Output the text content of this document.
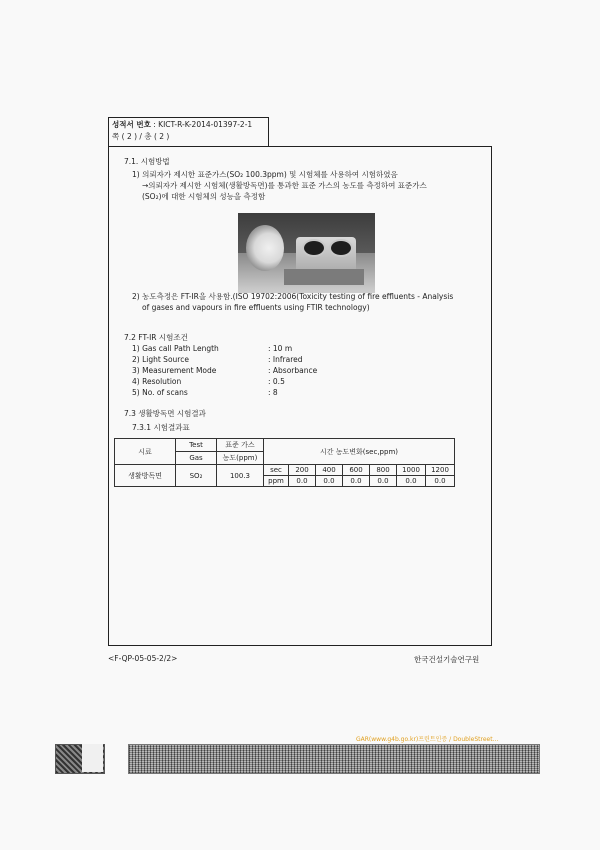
성적서 번호 : KICT-R-K-2014-01397-2-1
쪽 ( 2 ) / 총 ( 2 )
7.1. 시험방법
1) 의뢰자가 제시한 표준가스(SO₂ 100.3ppm) 및 시험체를 사용하여 시험하였음
→의뢰자가 제시한 시험체(생활방독면)를 통과한 표준 가스의 농도를 측정하여 표준가스
(SO₂)에 대한 시험체의 성능을 측정함
2) 농도측정은 FT-IR을 사용함.(ISO 19702:2006(Toxicity testing of fire effluents - Analysis
of gases and vapours in fire effluents using FTIR technology)
7.2 FT-IR 시험조건
1) Gas call Path Length	: 10 m
2) Light Source	: Infrared
3) Measurement Mode	: Absorbance
4) Resolution	: 0.5
5) No. of scans	: 8
7.3 생활방독면 시험결과
7.3.1 시험결과표
시료	Test	표준 가스	시간 농도변화(sec,ppm)						
	Gas	농도(ppm)							
생활방독면	SO₂	100.3	sec	200	400	600	800	1000	1200
			ppm	0.0	0.0	0.0	0.0	0.0	0.0
<F-QP-05-05-2/2>	한국건설기술연구원
GAR(www.g4b.go.kr)프린트인증 / DoubleStreet...
